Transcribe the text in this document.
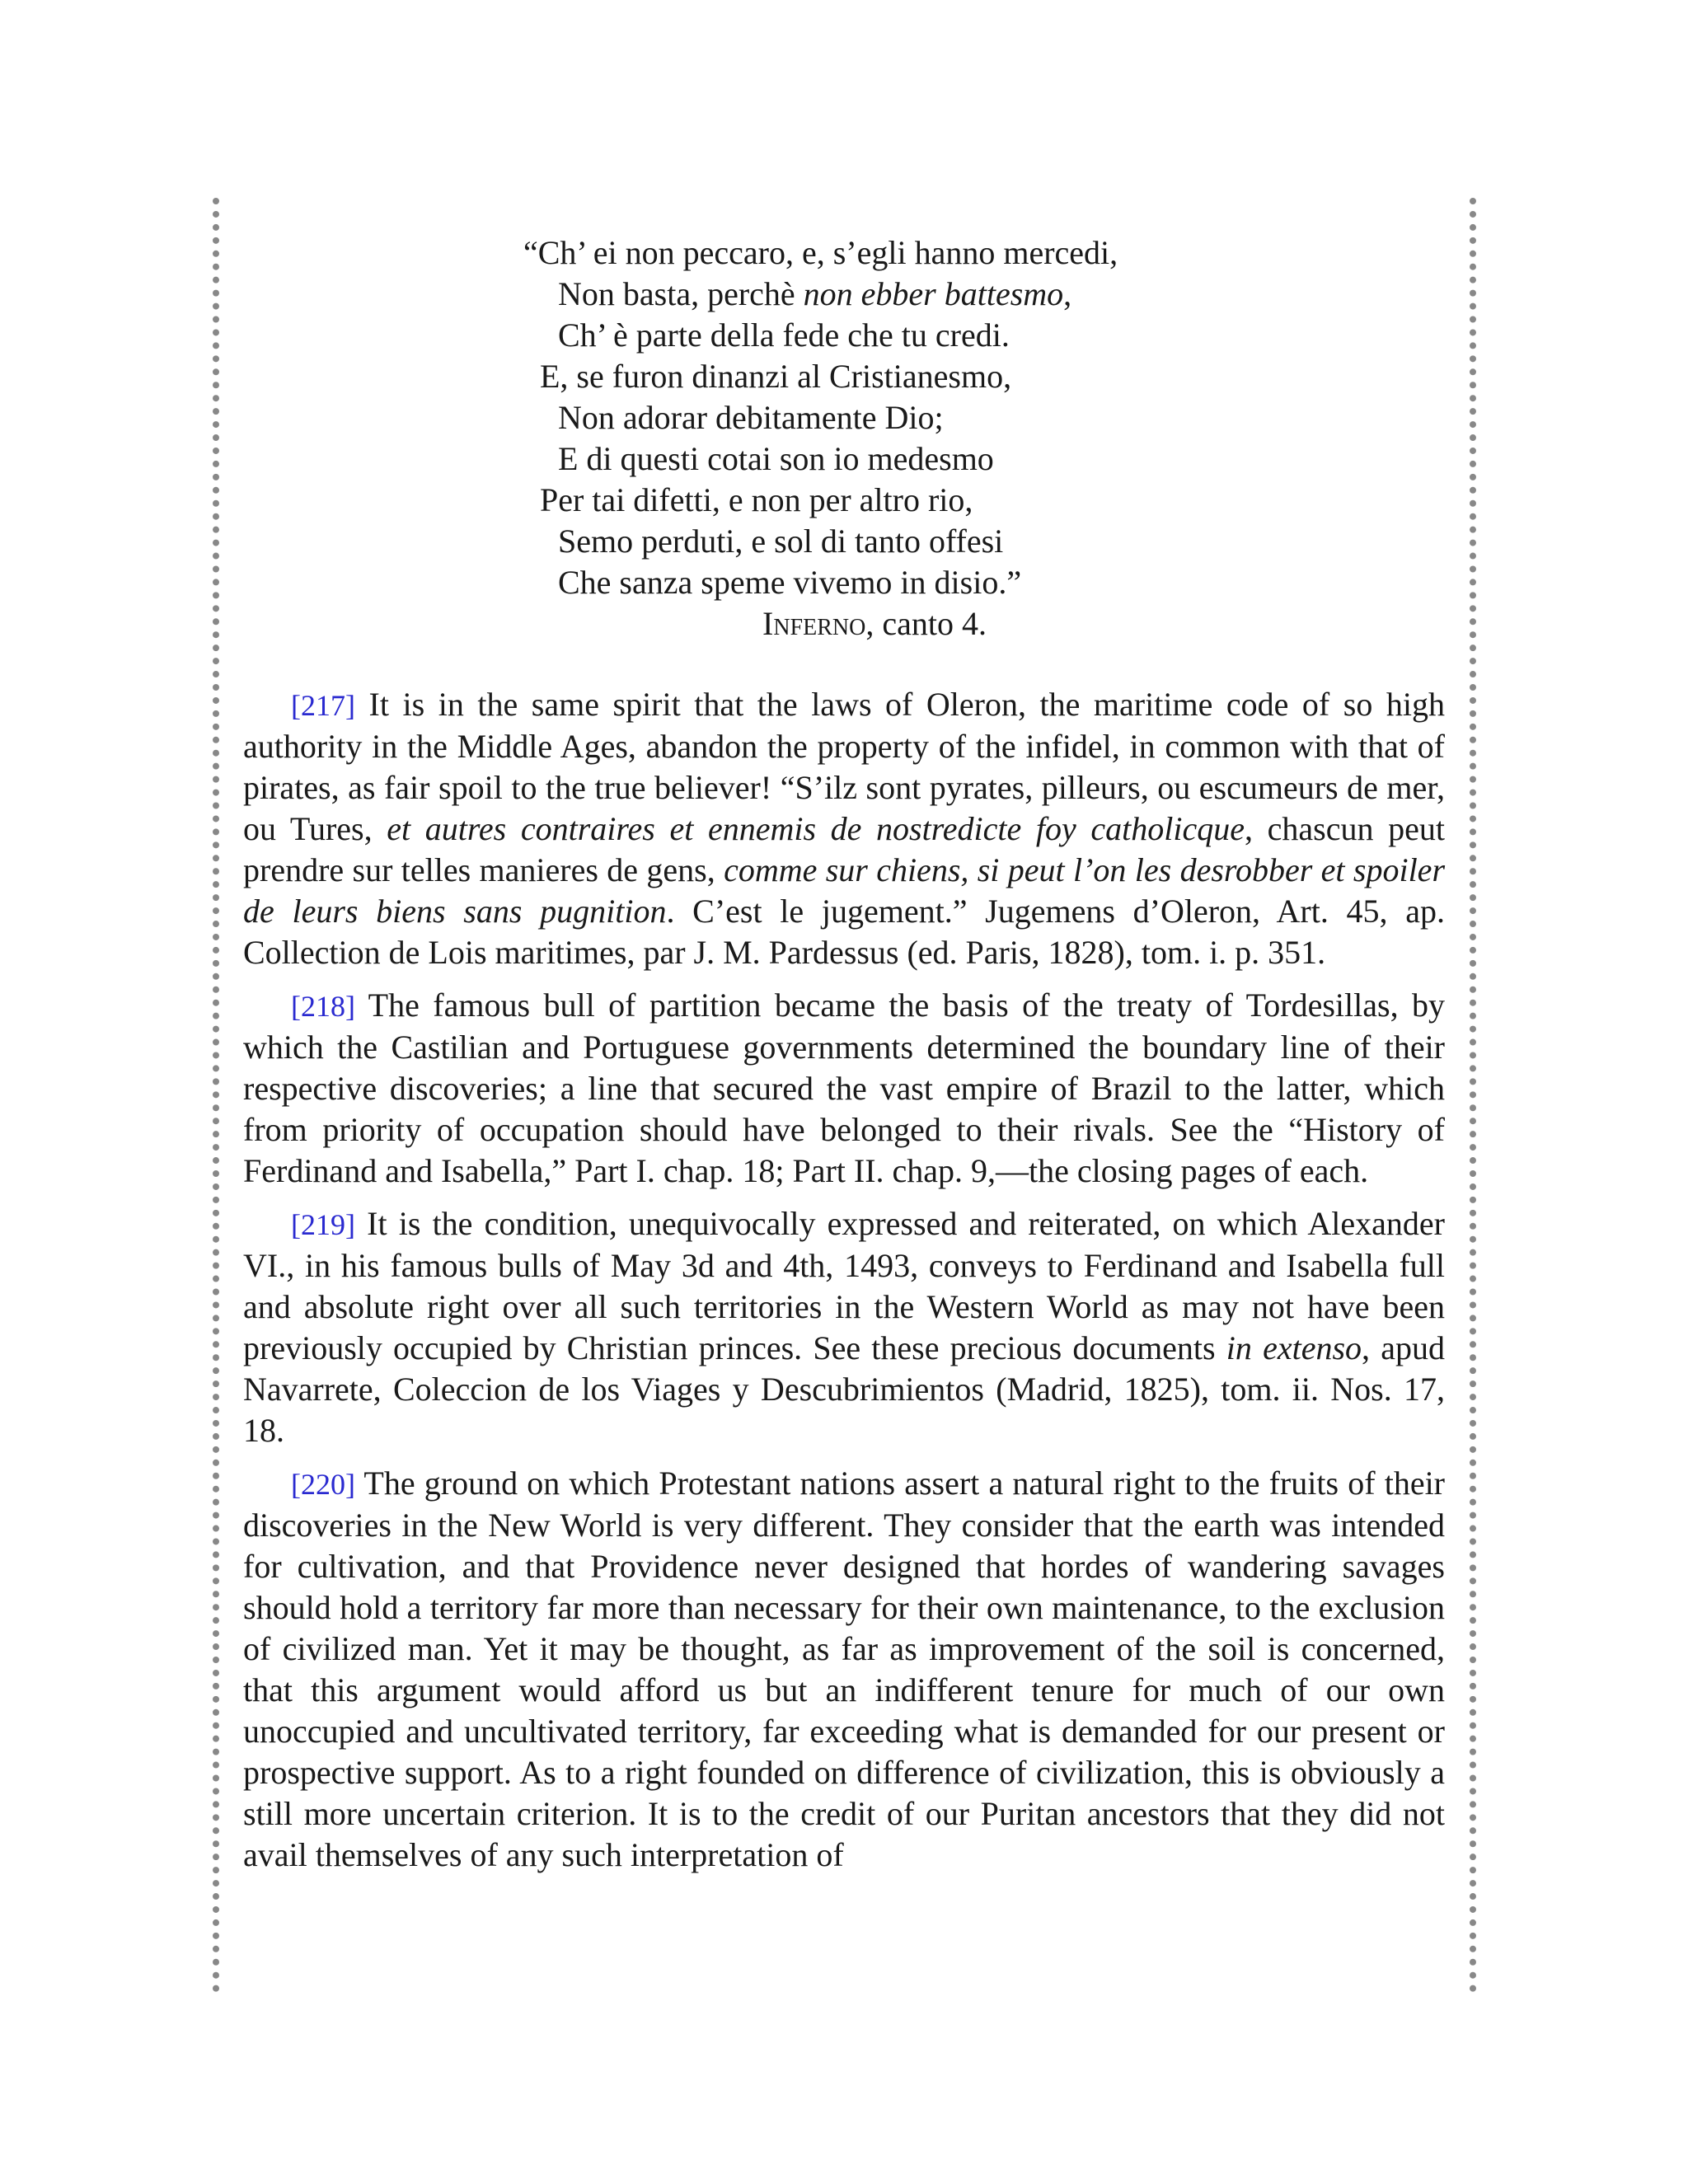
“Ch’ ei non peccaro, e, s’egli hanno mercedi,
Non basta, perchè non ebber battesmo,
Ch’ è parte della fede che tu credi.
E, se furon dinanzi al Cristianesmo,
Non adorar debitamente Dio;
E di questi cotai son io medesmo
Per tai difetti, e non per altro rio,
Semo perduti, e sol di tanto offesi
Che sanza speme vivemo in disio.”
Inferno, canto 4.

[217] It is in the same spirit that the laws of Oleron, the maritime code of so high authority in the Middle Ages, abandon the property of the infidel, in common with that of pirates, as fair spoil to the true believer! “S’ilz sont pyrates, pilleurs, ou escumeurs de mer, ou Tures, et autres contraires et ennemis de nostredicte foy catholicque, chascun peut prendre sur telles manieres de gens, comme sur chiens, si peut l’on les desrobber et spoiler de leurs biens sans pugnition. C’est le jugement.” Jugemens d’Oleron, Art. 45, ap. Collection de Lois maritimes, par J. M. Pardessus (ed. Paris, 1828), tom. i. p. 351.

[218] The famous bull of partition became the basis of the treaty of Tordesillas, by which the Castilian and Portuguese governments determined the boundary line of their respective discoveries; a line that secured the vast empire of Brazil to the latter, which from priority of occupation should have belonged to their rivals. See the “History of Ferdinand and Isabella,” Part I. chap. 18; Part II. chap. 9,—the closing pages of each.

[219] It is the condition, unequivocally expressed and reiterated, on which Alexander VI., in his famous bulls of May 3d and 4th, 1493, conveys to Ferdinand and Isabella full and absolute right over all such territories in the Western World as may not have been previously occupied by Christian princes. See these precious documents in extenso, apud Navarrete, Coleccion de los Viages y Descubrimientos (Madrid, 1825), tom. ii. Nos. 17, 18.

[220] The ground on which Protestant nations assert a natural right to the fruits of their discoveries in the New World is very different. They consider that the earth was intended for cultivation, and that Providence never designed that hordes of wandering savages should hold a territory far more than necessary for their own maintenance, to the exclusion of civilized man. Yet it may be thought, as far as improvement of the soil is concerned, that this argument would afford us but an indifferent tenure for much of our own unoccupied and uncultivated territory, far exceeding what is demanded for our present or prospective support. As to a right founded on difference of civilization, this is obviously a still more uncertain criterion. It is to the credit of our Puritan ancestors that they did not avail themselves of any such interpretation of
